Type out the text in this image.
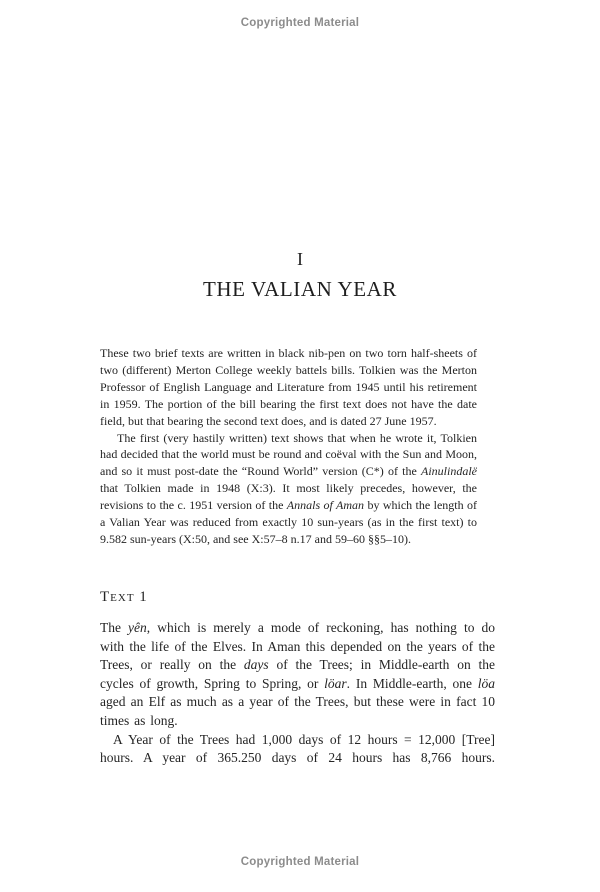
Copyrighted Material
I
THE VALIAN YEAR

These two brief texts are written in black nib-pen on two torn half-sheets of two (different) Merton College weekly battels bills. Tolkien was the Merton Professor of English Language and Literature from 1945 until his retirement in 1959. The portion of the bill bearing the first text does not have the date field, but that bearing the second text does, and is dated 27 June 1957.

The first (very hastily written) text shows that when he wrote it, Tolkien had decided that the world must be round and coëval with the Sun and Moon, and so it must post-date the “Round World” version (C*) of the Ainulindalë that Tolkien made in 1948 (X:3). It most likely precedes, however, the revisions to the c. 1951 version of the Annals of Aman by which the length of a Valian Year was reduced from exactly 10 sun-years (as in the first text) to 9.582 sun-years (X:50, and see X:57–8 n.17 and 59–60 §§5–10).

Text 1

The yên, which is merely a mode of reckoning, has nothing to do with the life of the Elves. In Aman this depended on the years of the Trees, or really on the days of the Trees; in Middle-earth on the cycles of growth, Spring to Spring, or löar. In Middle-earth, one löa aged an Elf as much as a year of the Trees, but these were in fact 10 times as long.

A Year of the Trees had 1,000 days of 12 hours = 12,000 [Tree] hours. A year of 365.250 days of 24 hours has 8,766 hours.

Copyrighted Material
